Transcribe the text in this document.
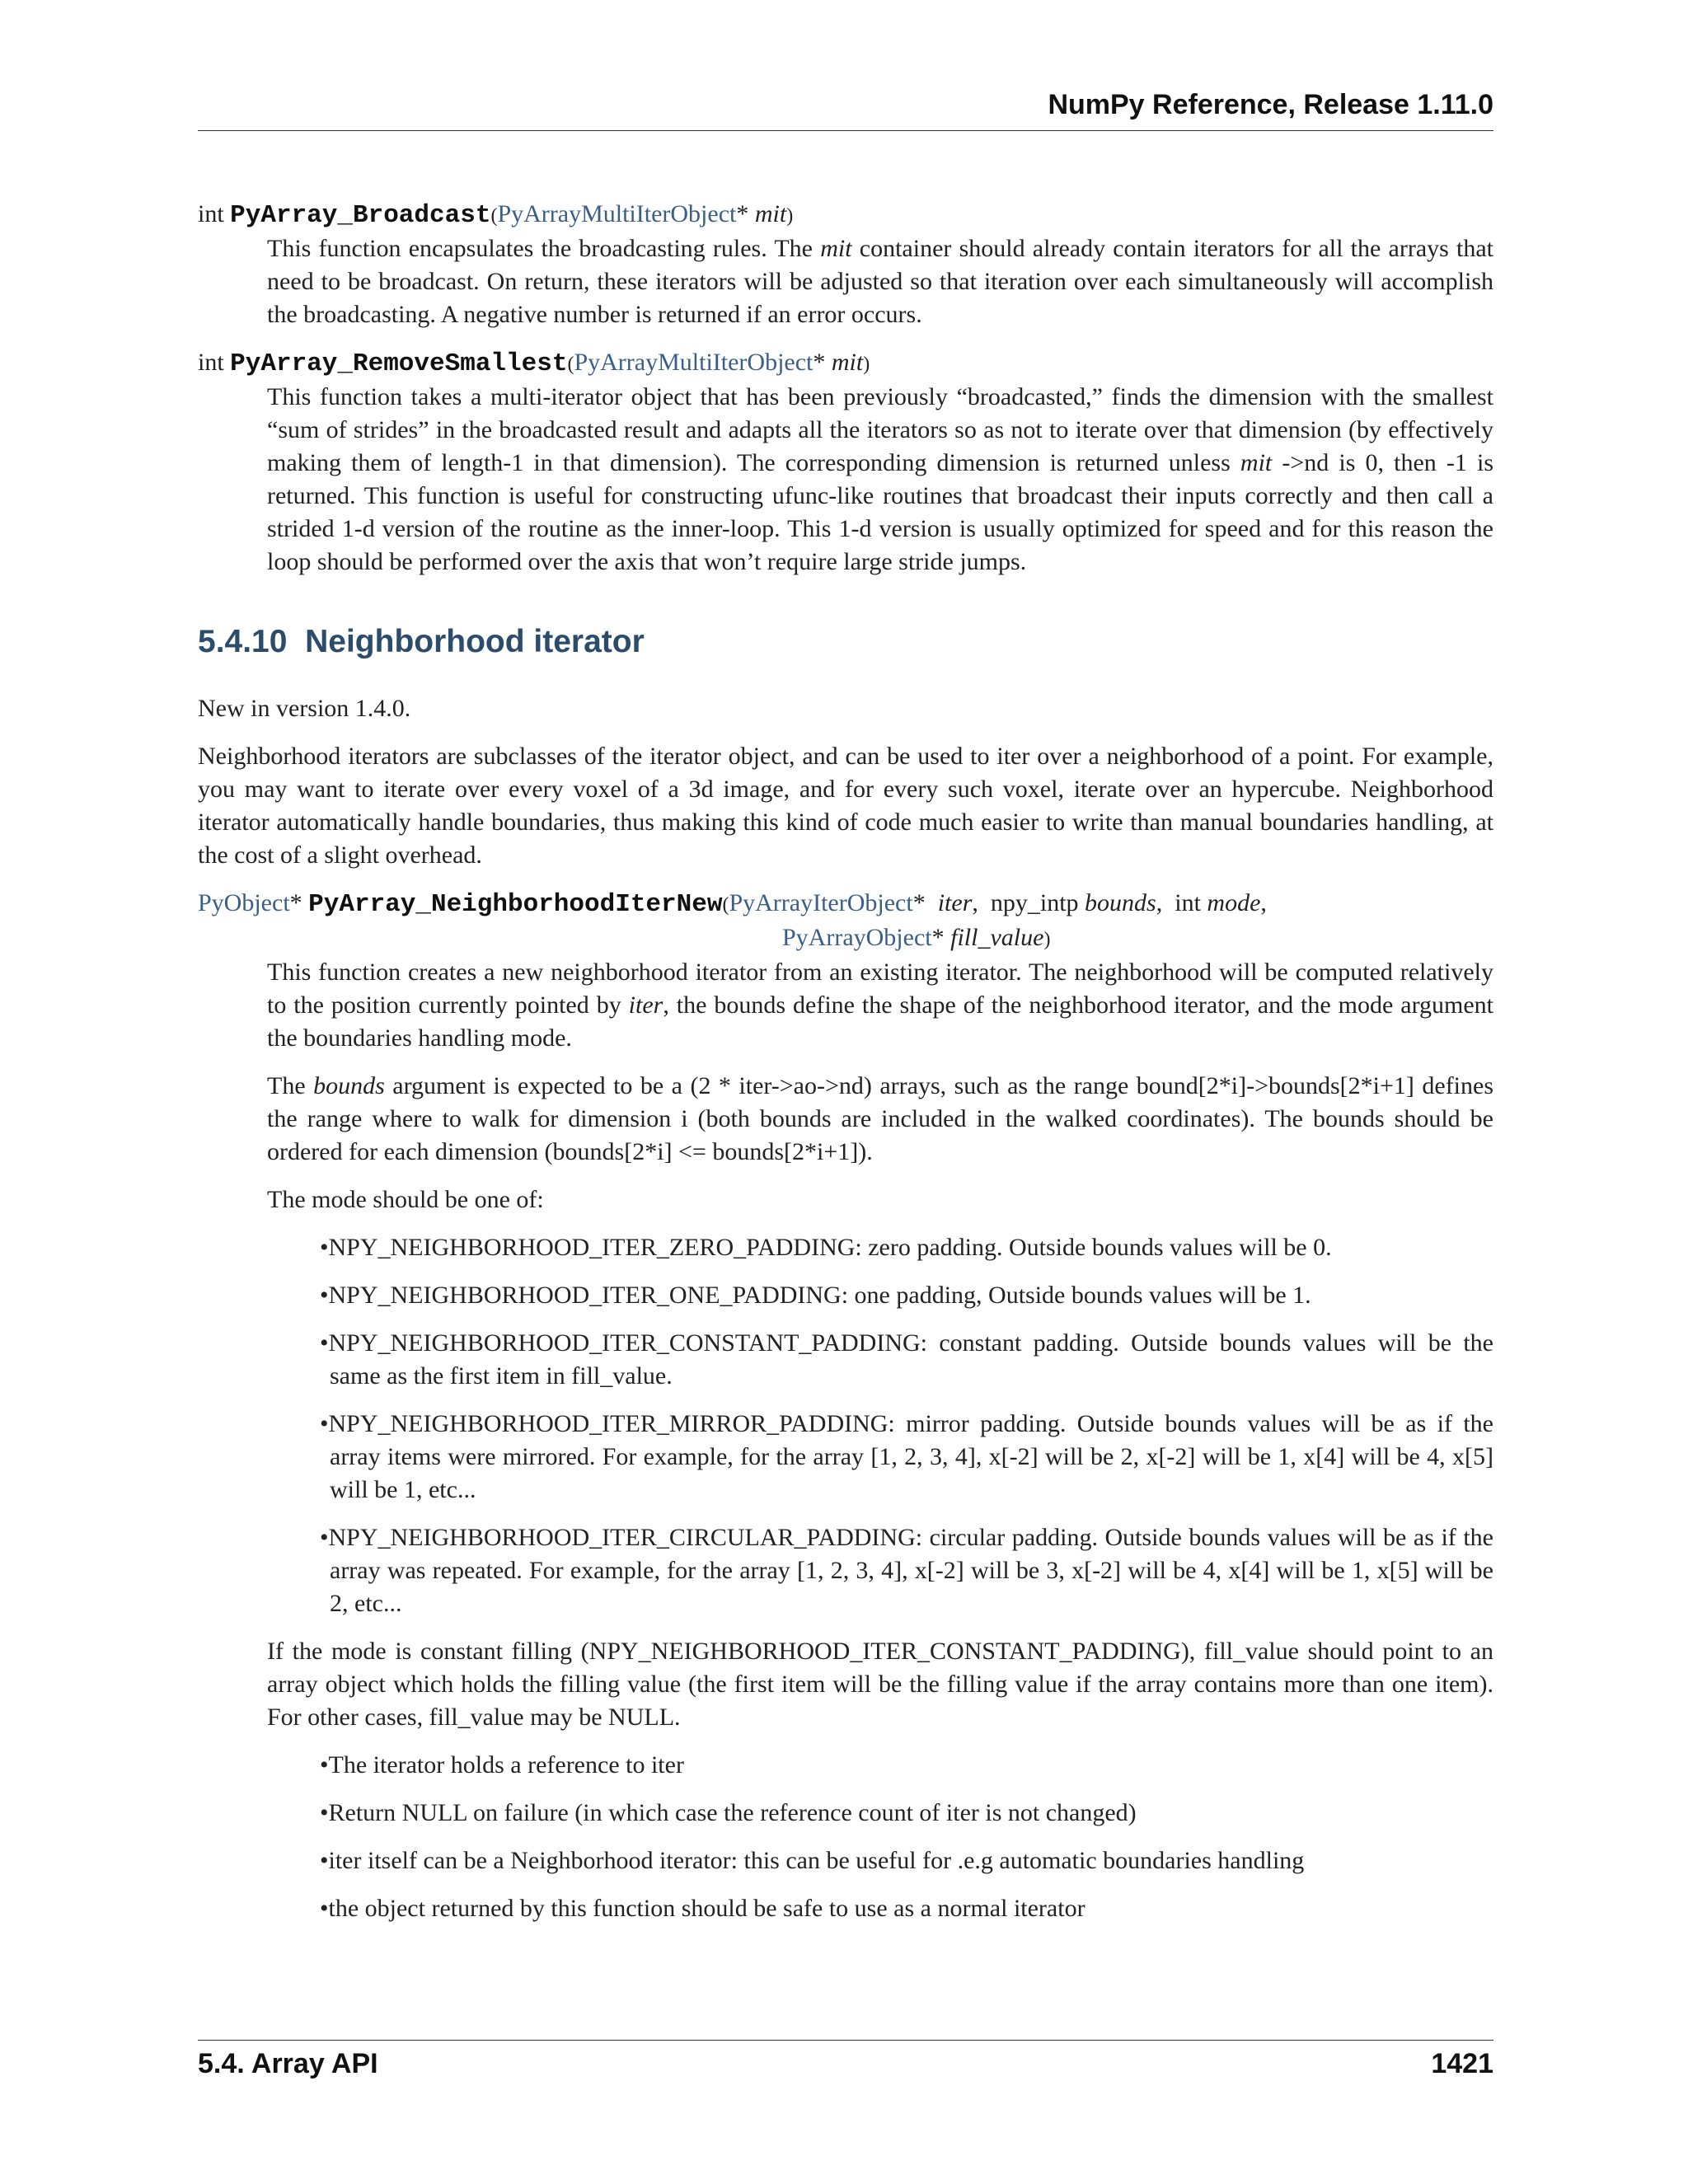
NumPy Reference, Release 1.11.0
int PyArray_Broadcast(PyArrayMultiIterObject* mit)

This function encapsulates the broadcasting rules. The mit container should already contain iterators for all the arrays that need to be broadcast. On return, these iterators will be adjusted so that iteration over each simultaneously will accomplish the broadcasting. A negative number is returned if an error occurs.

int PyArray_RemoveSmallest(PyArrayMultiIterObject* mit)

This function takes a multi-iterator object that has been previously “broadcasted,” finds the dimension with the smallest “sum of strides” in the broadcasted result and adapts all the iterators so as not to iterate over that dimension (by effectively making them of length-1 in that dimension). The corresponding dimension is returned unless mit ->nd is 0, then -1 is returned. This function is useful for constructing ufunc-like routines that broadcast their inputs correctly and then call a strided 1-d version of the routine as the inner-loop. This 1-d version is usually optimized for speed and for this reason the loop should be performed over the axis that won’t require large stride jumps.

5.4.10 Neighborhood iterator

New in version 1.4.0.

Neighborhood iterators are subclasses of the iterator object, and can be used to iter over a neighborhood of a point. For example, you may want to iterate over every voxel of a 3d image, and for every such voxel, iterate over an hypercube. Neighborhood iterator automatically handle boundaries, thus making this kind of code much easier to write than manual boundaries handling, at the cost of a slight overhead.

PyObject* PyArray_NeighborhoodIterNew(PyArrayIterObject* iter,  npy_intp bounds,  int mode,
PyArrayObject* fill_value)

This function creates a new neighborhood iterator from an existing iterator. The neighborhood will be computed relatively to the position currently pointed by iter, the bounds define the shape of the neighborhood iterator, and the mode argument the boundaries handling mode.

The bounds argument is expected to be a (2 * iter->ao->nd) arrays, such as the range bound[2*i]->bounds[2*i+1] defines the range where to walk for dimension i (both bounds are included in the walked coordinates). The bounds should be ordered for each dimension (bounds[2*i] <= bounds[2*i+1]).

The mode should be one of:

•NPY_NEIGHBORHOOD_ITER_ZERO_PADDING: zero padding. Outside bounds values will be 0.
•NPY_NEIGHBORHOOD_ITER_ONE_PADDING: one padding, Outside bounds values will be 1.
•NPY_NEIGHBORHOOD_ITER_CONSTANT_PADDING: constant padding. Outside bounds values will be the same as the first item in fill_value.
•NPY_NEIGHBORHOOD_ITER_MIRROR_PADDING: mirror padding. Outside bounds values will be as if the array items were mirrored. For example, for the array [1, 2, 3, 4], x[-2] will be 2, x[-2] will be 1, x[4] will be 4, x[5] will be 1, etc...
•NPY_NEIGHBORHOOD_ITER_CIRCULAR_PADDING: circular padding. Outside bounds values will be as if the array was repeated. For example, for the array [1, 2, 3, 4], x[-2] will be 3, x[-2] will be 4, x[4] will be 1, x[5] will be 2, etc...

If the mode is constant filling (NPY_NEIGHBORHOOD_ITER_CONSTANT_PADDING), fill_value should point to an array object which holds the filling value (the first item will be the filling value if the array contains more than one item). For other cases, fill_value may be NULL.

•The iterator holds a reference to iter
•Return NULL on failure (in which case the reference count of iter is not changed)
•iter itself can be a Neighborhood iterator: this can be useful for .e.g automatic boundaries handling
•the object returned by this function should be safe to use as a normal iterator
5.4. Array API	1421
